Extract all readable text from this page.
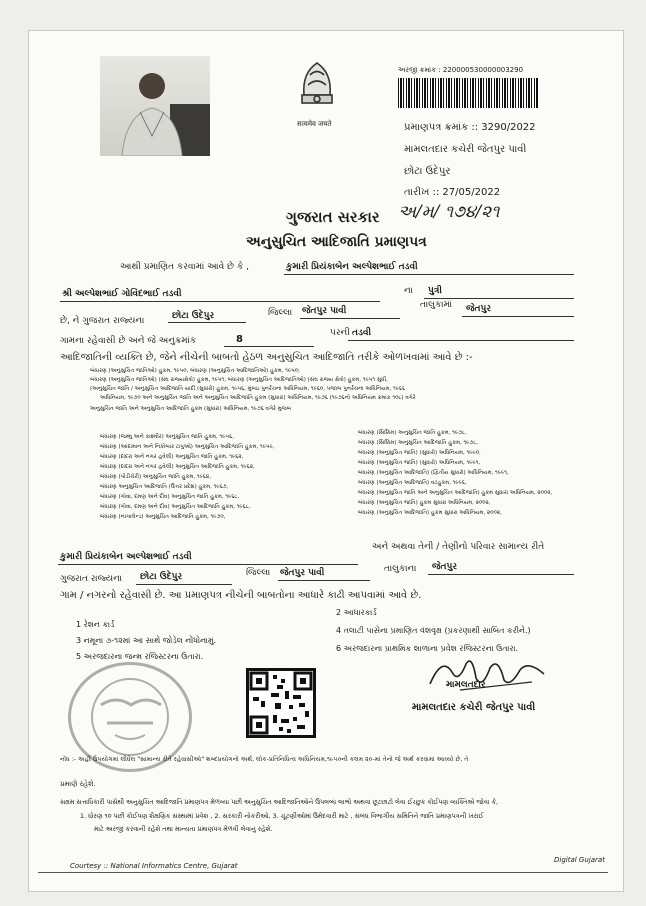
सत्यमेव जयते
અરજી ક્રમાંક : 220000530000003290
પ્રમાણપત્ર ક્રમાંક :: 3290/2022
મામલતદાર કચેરી જેતપુર પાવી
છોટા ઉદેપુર
તારીખ :: 27/05/2022
ગુજરાત સરકાર અ/મ/ ૧૭૪/૨૧
અનુસુચિત આદિજાતિ પ્રમાણપત્ર
આથી પ્રમાણિત કરવામાં આવે છે કે ,	કુમારી પ્રિયંકાબેન અલ્પેશભાઈ તડવી
શ્રી અલ્પેશભાઈ ગોવિંદભાઈ તડવી	ના પુત્રી
છે, ને ગુજરાત રાજ્યના	છોટા ઉદેપુર	જિલ્લા જેતપુર પાવી
તાલુકામાં જેતપુર
ગામના રહેવાસી છે અને જે અનુક્રમાંક	8
પરની તડવી
આદિજાતિની વ્યક્તિ છે, જેને નીચેની બાબતો હેઠળ અનુસુચિત આદિજાતિ તરીકે ઓળખવામાં આવે છે :-
બંધારણ (અનુસુચિત જાતિઓ) હુકમ, ૧૯૫૦, બંધારણ (અનુસુચિત આદિજાતિઓ) હુકમ, ૧૯૫૦;
બંધારણ (અનુસુચિત જાતિઓ) (સંઘ રાજ્યક્ષેત્રો) હુકમ, ૧૯૫૧, બંધારણ (અનુસુચિત આદિજાતિઓ) (સંઘ રાજ્ય ક્ષેત્રો) હુકમ, ૧૯૫૧ સુધી,
(અનુસુચિત જાતિ / અનુસુચિત આદિજાતિ યાદી (સુધારો) હુકમ, ૧૯૫૬, મુંબઇ પુનર્રચના અધિનિયમ, ૧૯૬૦, પંજાબ પુનર્રચના અધિનિયમ, ૧૯૬૬
અધિનિયમ, ૧૯૭૦ અને અનુસુચિત જાતિ અને અનુસુચિત આદિજાતિ હુકમ (સુધારા) અધિનિયમ, ૧૯૭૬ (૧૯૭૬નો અધિનિયમ ક્રમાંક ૧૦૮) વગેરે
અનુસુચિત જાતિ અને અનુસુચિત આદિજાતિ હુકમ (સુધારા) અધિનિયમ, ૧૯૭૬ વગેરે મુજબ
બંધારણ (જમ્મુ અને કાશ્મીર) અનુસુચિત જાતિ હુકમ, ૧૯૫૬,
બંધારણ (આંદામાન અને નિકોબાર ટાપુઓ) અનુસુચિત આદિજાતિ હુકમ, ૧૯૫૯,
બંધારણ (દાદરા અને નગર હવેલી) અનુસુચિત જાતિ હુકમ, ૧૯૬૨,
બંધારણ (દાદરા અને નગર હવેલી) અનુસુચિત આદિજાતિ હુકમ, ૧૯૬૨,
બંધારણ (પોંડીચેરી) અનુસુચિત જાતિ હુકમ, ૧૯૬૪,
બંધારણ અનુસુચિત આદિજાતિ (ઉત્તર પ્રદેશ) હુકમ, ૧૯૬૭,
બંધારણ (ગોવા, દમણ અને દીવ) અનુસુચિત જાતિ હુકમ, ૧૯૬૮,
બંધારણ (ગોવા, દમણ અને દીવ) અનુસુચિત આદિજાતિ હુકમ, ૧૯૬૮,
બંધારણ (નાગાલેન્ડ) અનુસુચિત આદિજાતિ હુકમ, ૧૯૭૦,
બંધારણ (સિક્કિમ) અનુસુચિત જાતિ હુકમ, ૧૯૭૮,
બંધારણ (સિક્કિમ) અનુસુચિત આદિજાતિ હુકમ, ૧૯૭૮,
બંધારણ (અનુસુચિત જાતિ) (સુધારો) અધિનિયમ, ૧૯૯૦,
બંધારણ (અનુસુચિત જાતિ) (સુધારો) અધિનિયમ, ૧૯૯૧,
બંધારણ (અનુસુચિત આદિજાતિ) (દ્વિતીય સુધારો) અધિનિયમ, ૧૯૯૧,
બંધારણ (અનુસુચિત આદિજાતિ) વટહુકમ, ૧૯૯૬,
બંધારણ (અનુસુચિત જાતિ અને અનુસુચિત આદિજાતિ) હુકમ સુધારા અધિનિયમ, ૨૦૦૨,
બંધારણ (અનુસુચિત જાતિ) હુકમ સુધારા અધિનિયમ, ૨૦૦૨,
બંધારણ (અનુસુચિત આદિજાતિ) હુકમ સુધારા અધિનિયમ, ૨૦૦૨,
અને અથવા તેની / તેણીનો પરિવાર સામાન્ય રીતે
કુમારી પ્રિયંકાબેન અલ્પેશભાઈ તડવી
ગુજરાત રાજ્યના છોટા ઉદેપુર	જિલ્લા જેતપુર પાવી	તાલુકાના જેતપુર
ગામ / નગરનો રહેવાસી છે. આ પ્રમાણપત્ર નીચેની બાબતોના આધારે કાઢી આપવામાં આવે છે.
1 રેશન કાર્ડ
3 નમૂના ૭-૧૨માં આ સાથે જોડેલ નોંધોનામું.
5 અરજદારના જન્મ રજિસ્ટરના ઉતારા.
2 આધારકાર્ડ
4 તલાટી પાસેના પ્રમાણિત વંશવૃક્ષ (પ્રકરણાથી સાબિત કરીને.)
6 અરજદારના પ્રાથમિક શાળાના પ્રવેશ રજિસ્ટરના ઉતારા.
મામલતદાર
મામલતદાર કચેરી જેતપુર પાવી
નોંધ :- અહીં ઉપયોગમાં લીધેલ "સામાન્ય રીતે રહેવાસીઓ" શબ્દપ્રયોગનો અર્થ, લોક-પ્રતિનિધિત્વ અધિનિયમ,૧૯૫૦ની કલમ ૨૦-માં તેનો જે અર્થ કરવામાં આવ્યો છે, તે
પ્રમાણે રહેશે.
સક્ષમ સત્તાધિકારી પાસેથી અનુસુચિત આદિજાતિ પ્રમાણપત્ર મેળવ્યા પછી અનુસુચિત આદિજાતિઓને ઉપલબ્ધ લાભો અથવા છૂટછાટો લેવા ઈચ્છુક કોઈપણ વ્યક્તિએ જોવા કે,
1. ધોરણ ૧૦ પછી કોઈપણ શૈક્ષણિક સંસ્થામાં પ્રવેશ , 2. સરકારી નોકરીઓ, 3. ચૂંટણીઓમાં ઉમેદવારી માટે , સંબંધ વિભાગીય સમિતિને જાતિ પ્રમાણપત્રની ખરાઈ
માટે અરજી કરવાની રહેશે તથા માન્યતા પ્રમાણપત્ર મેળવી લેવાનું રહેશે.
Courtesy :: National Informatics Centre, Gujarat
Digital Gujarat
